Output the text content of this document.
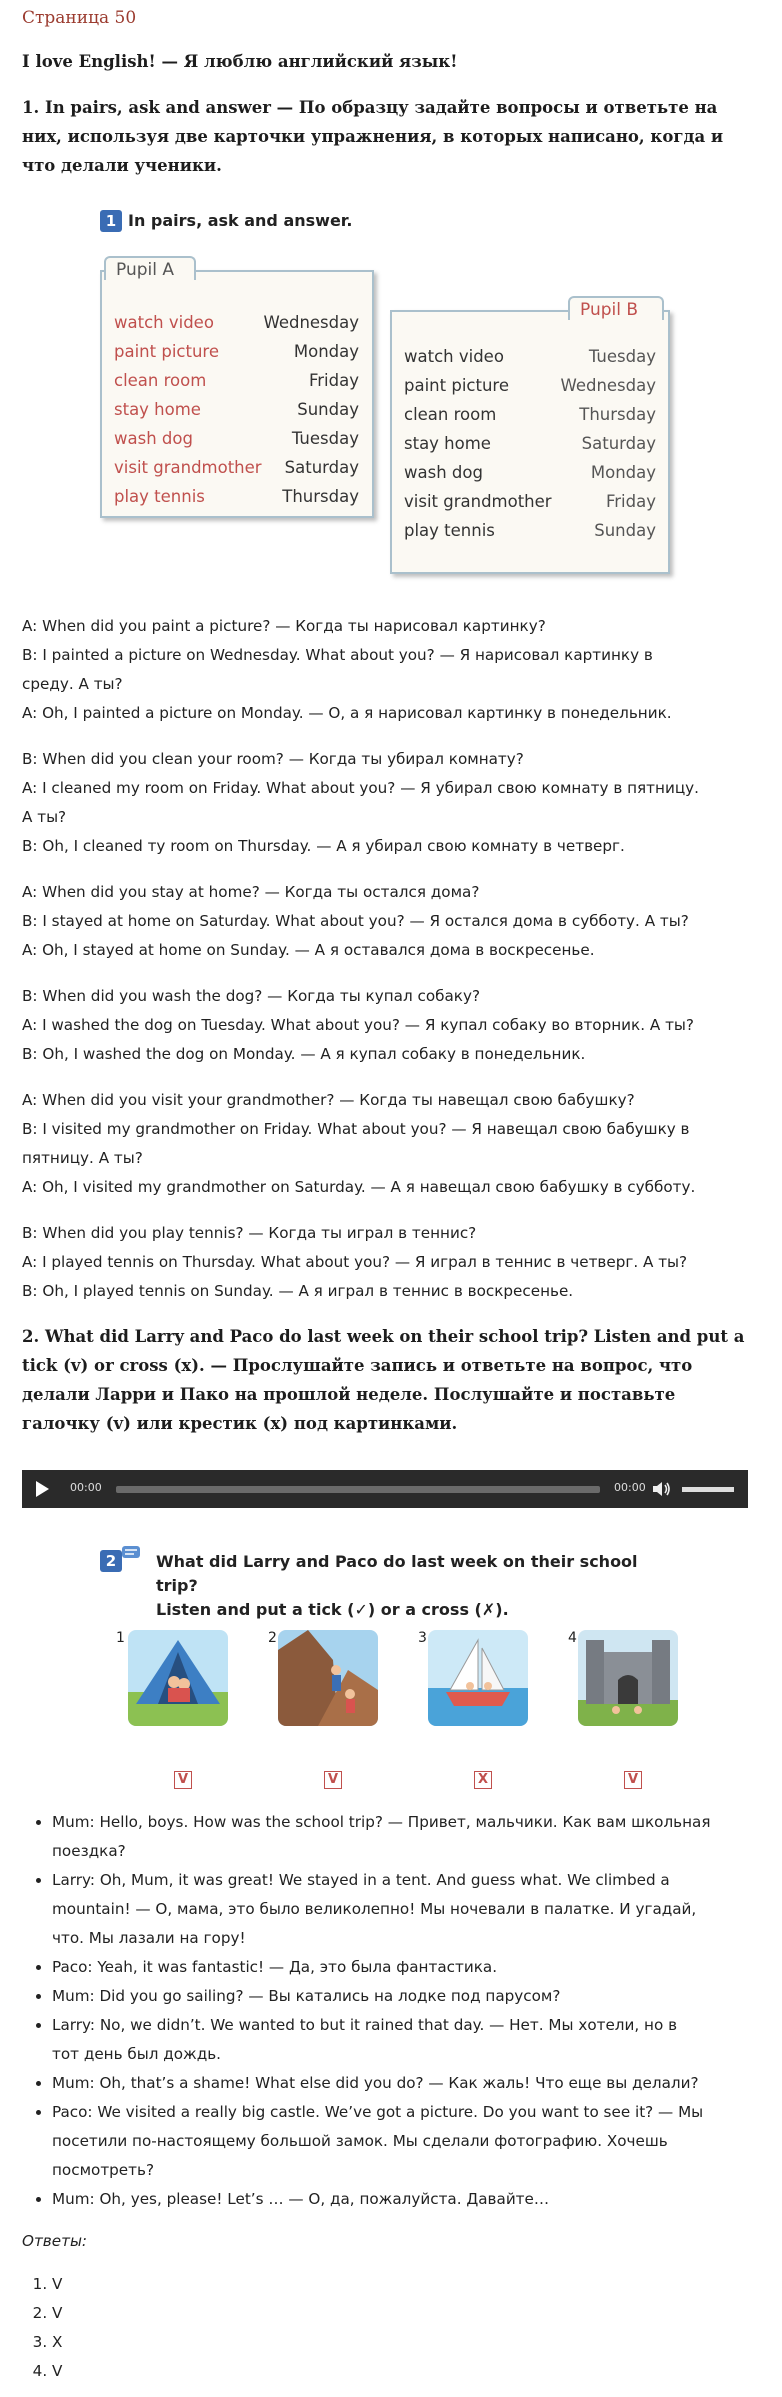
Страница 50
I love English! — Я люблю английский язык!
1. In pairs, ask and answer — По образцу задайте вопросы и ответьте на
них, используя две карточки упражнения, в которых написано, когда и
что делали ученики.
1 In pairs, ask and answer.
Pupil A
watch video	Wednesday
paint picture	Monday
clean room	Friday
stay home	Sunday
wash dog	Tuesday
visit grandmother Saturday
play tennis	Thursday
Pupil B
watch video	Tuesday
paint picture	Wednesday
clean room	Thursday
stay home	Saturday
wash dog	Monday
visit grandmother	Friday
play tennis	Sunday
A: When did you paint a picture? — Когда ты нарисовал картинку?
B: I painted a picture on Wednesday. What about you? — Я нарисовал картинку в
среду. А ты?
A: Oh, I painted a picture on Monday. — О, а я нарисовал картинку в понедельник.
B: When did you clean your room? — Когда ты убирал комнату?
A: I cleaned my room on Friday. What about you? — Я убирал свою комнату в пятницу.
А ты?
B: Oh, I cleaned ту room on Thursday. — А я убирал свою комнату в четверг.
A: When did you stay at home? — Когда ты остался дома?
B: I stayed at home on Saturday. What about you? — Я остался дома в субботу. А ты?
A: Oh, I stayed at home on Sunday. — А я оставался дома в воскресенье.
B: When did you wash the dog? — Когда ты купал собаку?
A: I washed the dog on Tuesday. What about you? — Я купал собаку во вторник. А ты?
B: Oh, I washed the dog on Monday. — А я купал собаку в понедельник.
A: When did you visit your grandmother? — Когда ты навещал свою бабушку?
B: I visited my grandmother on Friday. What about you? — Я навещал свою бабушку в
пятницу. А ты?
A: Oh, I visited my grandmother on Saturday. — А я навещал свою бабушку в субботу.
B: When did you play tennis? — Когда ты играл в теннис?
A: I played tennis on Thursday. What about you? — Я играл в теннис в четверг. А ты?
B: Oh, I played tennis on Sunday. — А я играл в теннис в воскресенье.
2. What did Larry and Paco do last week on their school trip? Listen and put a
tick (v) or cross (x). — Прослушайте запись и ответьте на вопрос, что
делали Ларри и Пако на прошлой неделе. Послушайте и поставьте
галочку (v) или крестик (x) под картинками.
00:00	00:00
2	What did Larry and Paco do last week on their school trip?
Listen and put a tick (✓) or a cross (✗).
1	2	3	4
V	V	X	V
• Mum: Hello, boys. How was the school trip? — Привет, мальчики. Как вам школьная
поездка?
• Larry: Oh, Mum, it was great! We stayed in a tent. And guess what. We climbed a
mountain! — О, мама, это было великолепно! Мы ночевали в палатке. И угадай,
что. Мы лазали на гору!
• Paco: Yeah, it was fantastic! — Да, это была фантастика.
• Mum: Did you go sailing? — Вы катались на лодке под парусом?
• Larry: No, we didn’t. We wanted to but it rained that day. — Нет. Мы хотели, но в
тот день был дождь.
• Mum: Oh, that’s a shame! What else did you do? — Как жаль! Что еще вы делали?
• Paco: We visited a really big castle. We’ve got a picture. Do you want to see it? — Мы
посетили по-настоящему большой замок. Мы сделали фотографию. Хочешь
посмотреть?
• Mum: Oh, yes, please! Let’s … — О, да, пожалуйста. Давайте…
Ответы:
1. V
2. V
3. X
4. V
